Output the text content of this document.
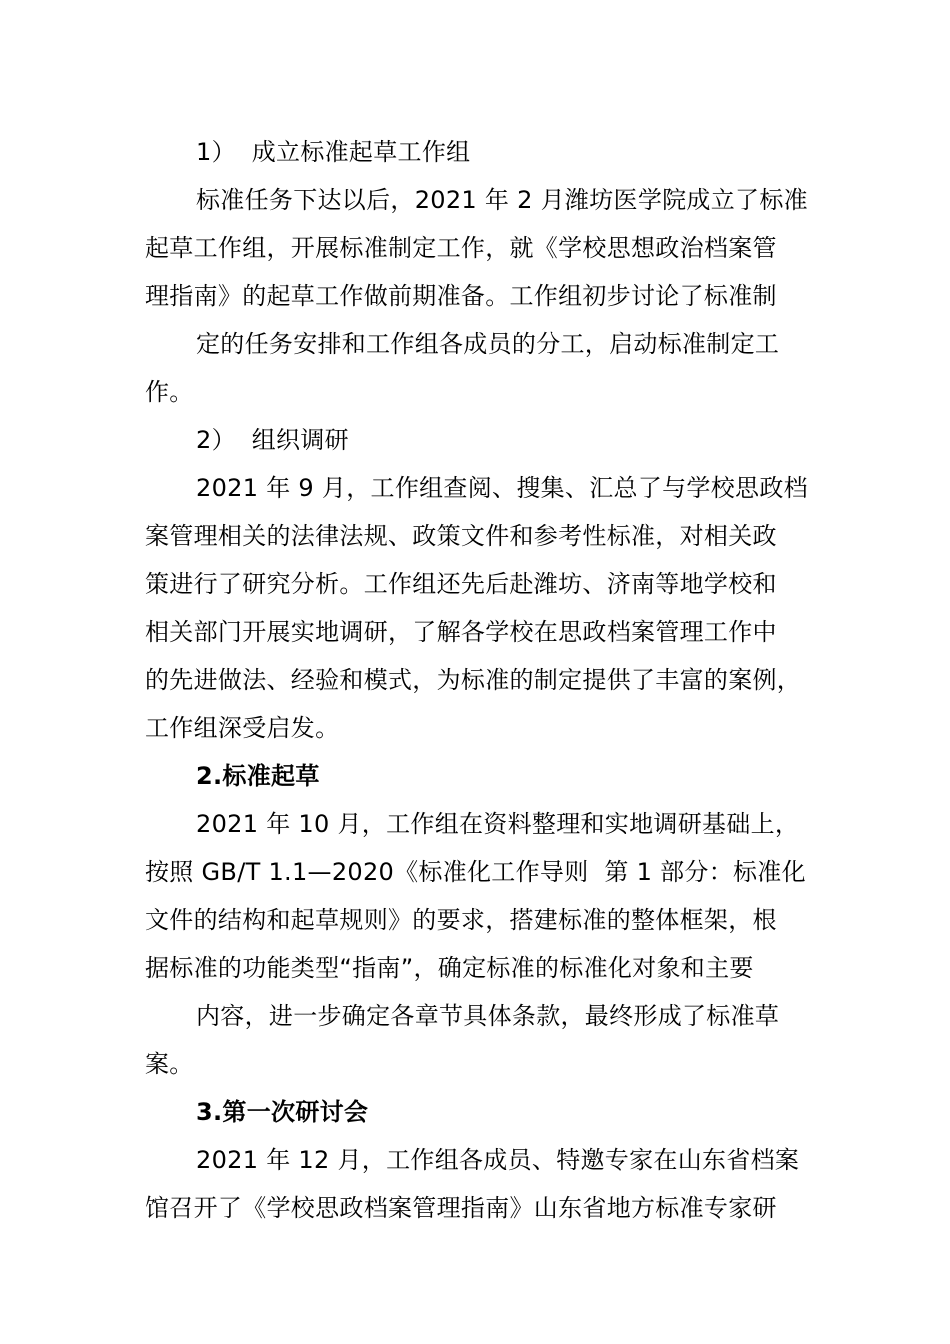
1）  成立标准起草工作组
标准任务下达以后，2021 年 2 月潍坊医学院成立了标准
起草工作组，开展标准制定工作，就《学校思想政治档案管
理指南》的起草工作做前期准备。工作组初步讨论了标准制
定的任务安排和工作组各成员的分工，启动标准制定工
作。
2）  组织调研
2021 年 9 月，工作组查阅、搜集、汇总了与学校思政档
案管理相关的法律法规、政策文件和参考性标准，对相关政
策进行了研究分析。工作组还先后赴潍坊、济南等地学校和
相关部门开展实地调研，了解各学校在思政档案管理工作中
的先进做法、经验和模式，为标准的制定提供了丰富的案例，
工作组深受启发。
2.标准起草
2021 年 10 月，工作组在资料整理和实地调研基础上，
按照 GB/T 1.1—2020《标准化工作导则  第 1 部分：标准化
文件的结构和起草规则》的要求，搭建标准的整体框架，根
据标准的功能类型“指南”，确定标准的标准化对象和主要
内容，进一步确定各章节具体条款，最终形成了标准草
案。
3.第一次研讨会
2021 年 12 月，工作组各成员、特邀专家在山东省档案
馆召开了《学校思政档案管理指南》山东省地方标准专家研
